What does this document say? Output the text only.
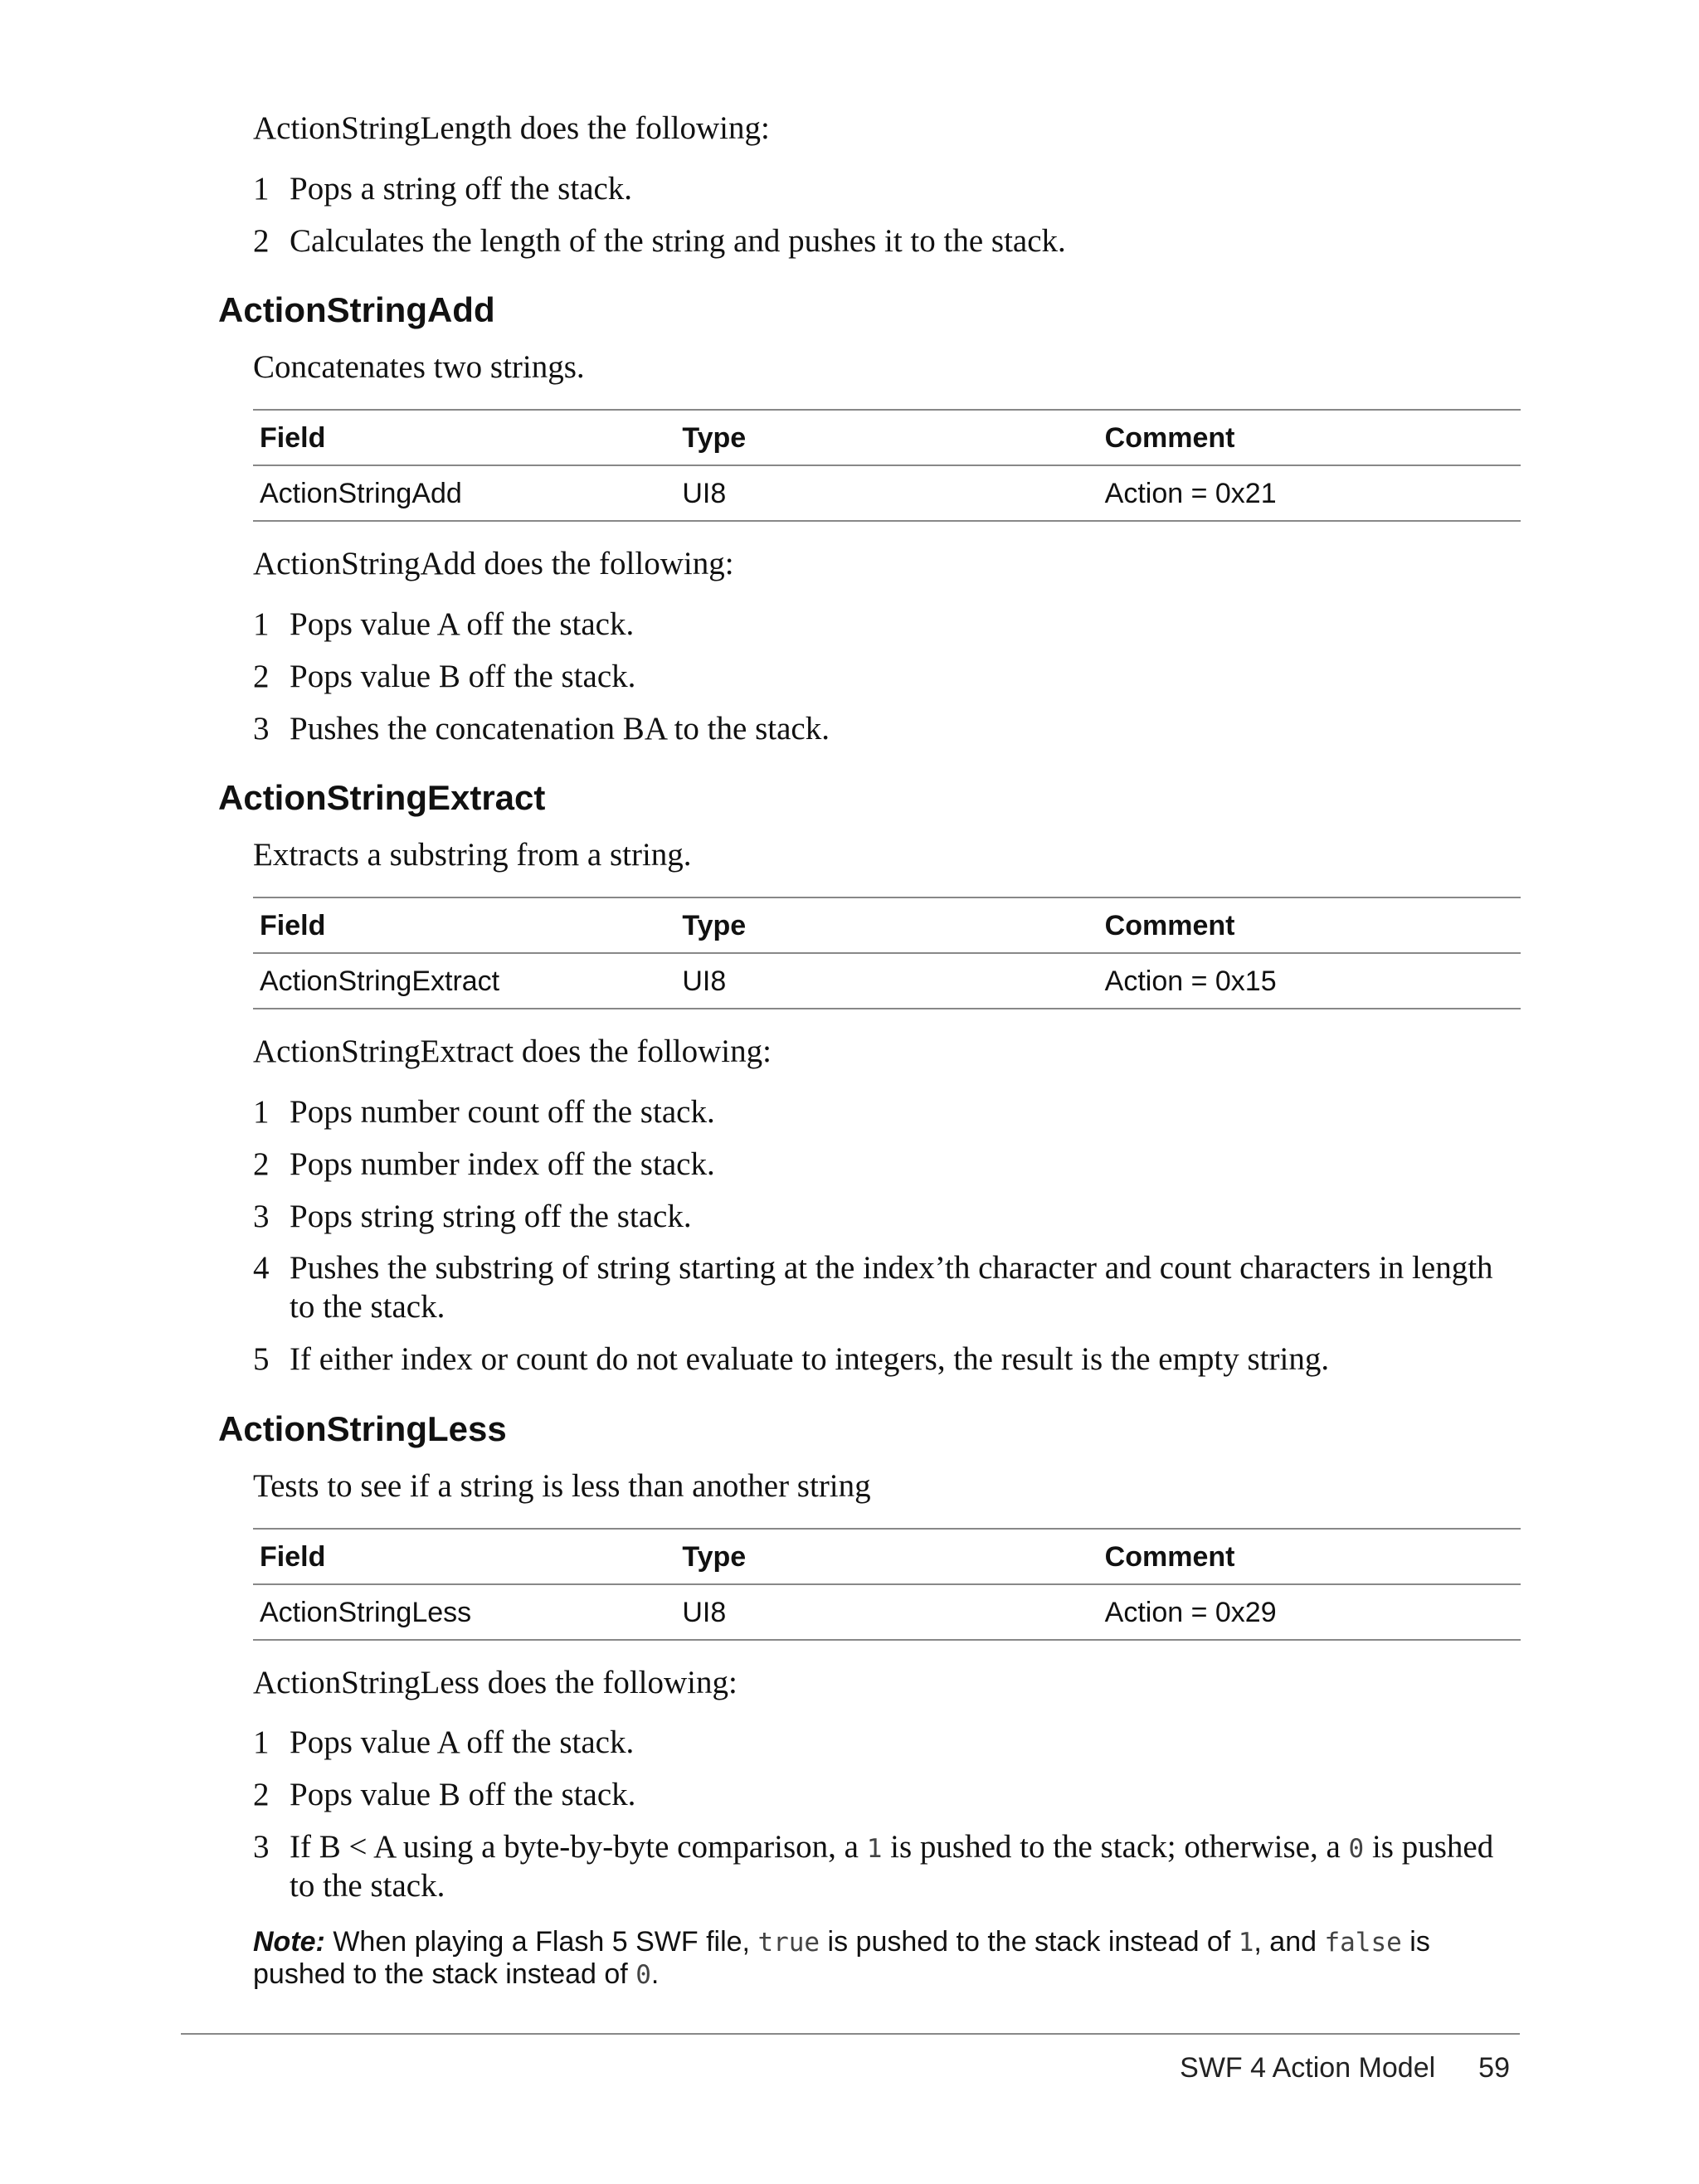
ActionStringLength does the following:

1 Pops a string off the stack.
2 Calculates the length of the string and pushes it to the stack.
ActionStringAdd

Concatenates two strings.

Field	Type	Comment
ActionStringAdd	UI8	Action = 0x21

ActionStringAdd does the following:

1 Pops value A off the stack.
2 Pops value B off the stack.
3 Pushes the concatenation BA to the stack.
ActionStringExtract

Extracts a substring from a string.

Field	Type	Comment
ActionStringExtract	UI8	Action = 0x15

ActionStringExtract does the following:

1 Pops number count off the stack.
2 Pops number index off the stack.
3 Pops string string off the stack.
4 Pushes the substring of string starting at the index’th character and count characters in length to the stack.
5 If either index or count do not evaluate to integers, the result is the empty string.
ActionStringLess

Tests to see if a string is less than another string

Field	Type	Comment
ActionStringLess	UI8	Action = 0x29

ActionStringLess does the following:

1 Pops value A off the stack.
2 Pops value B off the stack.
3 If B < A using a byte-by-byte comparison, a 1 is pushed to the stack; otherwise, a 0 is pushed to the stack.

Note: When playing a Flash 5 SWF file, true is pushed to the stack instead of 1, and false is pushed to the stack instead of 0.

SWF 4 Action Model 59
